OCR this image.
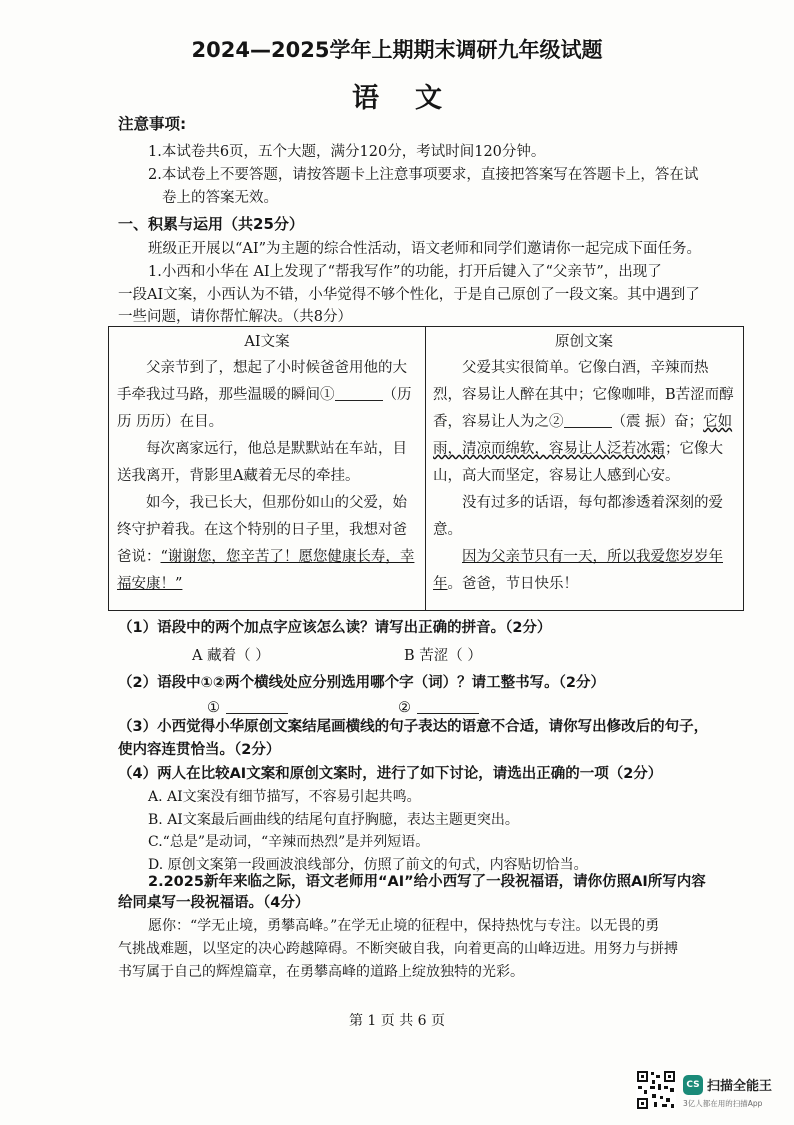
2024—2025学年上期期末调研九年级试题
语文
注意事项:
1.本试卷共6页，五个大题，满分120分，考试时间120分钟。
2.本试卷上不要答题，请按答题卡上注意事项要求，直接把答案写在答题卡上，答在试
卷上的答案无效。
一、积累与运用（共25分）
班级正开展以“AI”为主题的综合性活动，语文老师和同学们邀请你一起完成下面任务。
1.小西和小华在 AI上发现了“帮我写作”的功能，打开后键入了“父亲节”，出现了
一段AI文案，小西认为不错，小华觉得不够个性化，于是自己原创了一段文案。其中遇到了
一些问题，请你帮忙解决。（共8分）
AI文案

父亲节到了，想起了小时候爸爸用他的大手牵我过马路，那些温暖的瞬间①	（历历 历历）在目。

每次离家远行，他总是默默站在车站，目送我离开，背影里A藏着无尽的牵挂。

如今，我已长大，但那份如山的父爱，始终守护着我。在这个特别的日子里，我想对爸爸说：“谢谢您，您辛苦了！愿您健康长寿，幸福安康！”

原创文案

父爱其实很简单。它像白酒，辛辣而热烈，容易让人醉在其中；它像咖啡，B苦涩而醇香，容易让人为之②	（震 振）奋；它如雨，清凉而绵软，容易让人泛若冰霜；它像大山，高大而坚定，容易让人感到心安。

没有过多的话语，每句都渗透着深刻的爱意。

因为父亲节只有一天，所以我爱您岁岁年年。爸爸，节日快乐！

（1）语段中的两个加点字应该怎么读？请写出正确的拼音。（2分）
A 藏着（ ）	B 苦涩（ ）
（2）语段中①②两个横线处应分别选用哪个字（词）？请工整书写。（2分）
①	②
（3）小西觉得小华原创文案结尾画横线的句子表达的语意不合适，请你写出修改后的句子，
使内容连贯恰当。（2分）
（4）两人在比较AI文案和原创文案时，进行了如下讨论，请选出正确的一项（2分）
A. AI文案没有细节描写，不容易引起共鸣。
B. AI文案最后画曲线的结尾句直抒胸臆，表达主题更突出。
C.“总是”是动词，“辛辣而热烈”是并列短语。
D. 原创文案第一段画波浪线部分，仿照了前文的句式，内容贴切恰当。
2.2025新年来临之际，语文老师用“AI”给小西写了一段祝福语，请你仿照AI所写内容
给同桌写一段祝福语。（4分）
愿你：“学无止境，勇攀高峰。”在学无止境的征程中，保持热忱与专注。以无畏的勇
气挑战难题，以坚定的决心跨越障碍。不断突破自我，向着更高的山峰迈进。用努力与拼搏
书写属于自己的辉煌篇章，在勇攀高峰的道路上绽放独特的光彩。
第 1 页 共 6 页
CS 扫描全能王
3亿人都在用的扫描App
